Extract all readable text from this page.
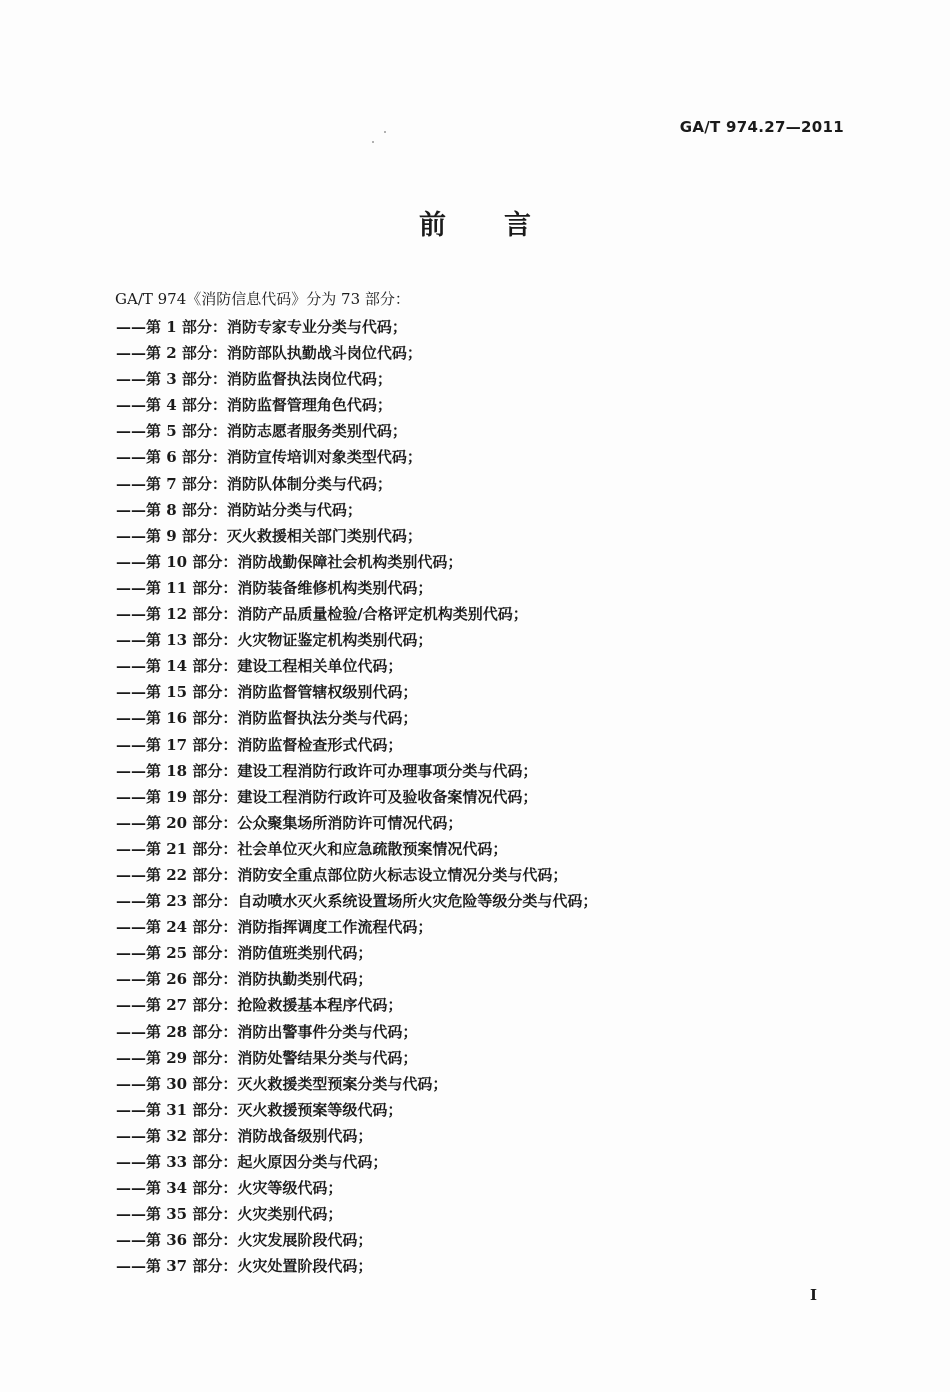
GA/T 974.27—2011
前言
GA/T 974《消防信息代码》分为 73 部分：
——第 1 部分：消防专家专业分类与代码；
——第 2 部分：消防部队执勤战斗岗位代码；
——第 3 部分：消防监督执法岗位代码；
——第 4 部分：消防监督管理角色代码；
——第 5 部分：消防志愿者服务类别代码；
——第 6 部分：消防宣传培训对象类型代码；
——第 7 部分：消防队体制分类与代码；
——第 8 部分：消防站分类与代码；
——第 9 部分：灭火救援相关部门类别代码；
——第 10 部分：消防战勤保障社会机构类别代码；
——第 11 部分：消防装备维修机构类别代码；
——第 12 部分：消防产品质量检验/合格评定机构类别代码；
——第 13 部分：火灾物证鉴定机构类别代码；
——第 14 部分：建设工程相关单位代码；
——第 15 部分：消防监督管辖权级别代码；
——第 16 部分：消防监督执法分类与代码；
——第 17 部分：消防监督检查形式代码；
——第 18 部分：建设工程消防行政许可办理事项分类与代码；
——第 19 部分：建设工程消防行政许可及验收备案情况代码；
——第 20 部分：公众聚集场所消防许可情况代码；
——第 21 部分：社会单位灭火和应急疏散预案情况代码；
——第 22 部分：消防安全重点部位防火标志设立情况分类与代码；
——第 23 部分：自动喷水灭火系统设置场所火灾危险等级分类与代码；
——第 24 部分：消防指挥调度工作流程代码；
——第 25 部分：消防值班类别代码；
——第 26 部分：消防执勤类别代码；
——第 27 部分：抢险救援基本程序代码；
——第 28 部分：消防出警事件分类与代码；
——第 29 部分：消防处警结果分类与代码；
——第 30 部分：灭火救援类型预案分类与代码；
——第 31 部分：灭火救援预案等级代码；
——第 32 部分：消防战备级别代码；
——第 33 部分：起火原因分类与代码；
——第 34 部分：火灾等级代码；
——第 35 部分：火灾类别代码；
——第 36 部分：火灾发展阶段代码；
——第 37 部分：火灾处置阶段代码；
I
